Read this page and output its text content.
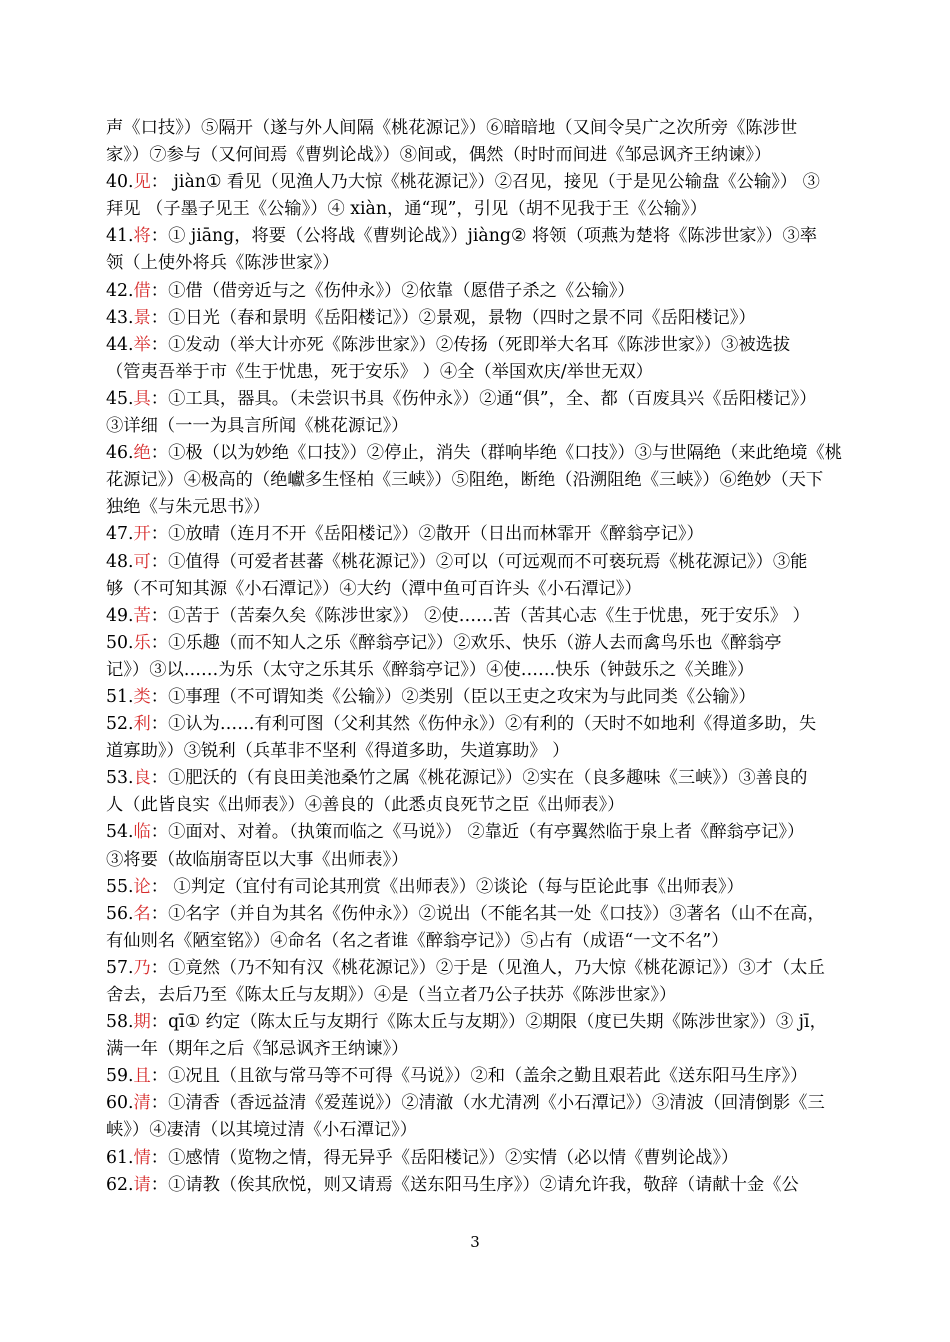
声《口技》）⑤隔开（遂与外人间隔《桃花源记》）⑥暗暗地（又间令吴广之次所旁《陈涉世
家》）⑦参与（又何间焉《曹刿论战》）⑧间或，偶然（时时而间进《邹忌讽齐王纳谏》）
40.见： jiàn① 看见（见渔人乃大惊《桃花源记》）②召见，接见（于是见公输盘《公输》） ③
拜见 （子墨子见王《公输》）④ xiàn，通“现”，引见（胡不见我于王《公输》）
41.将：① jiāng，将要（公将战《曹刿论战》）jiàng② 将领（项燕为楚将《陈涉世家》）③率
领（上使外将兵《陈涉世家》）
42.借：①借（借旁近与之《伤仲永》）②依靠（愿借子杀之《公输》）
43.景：①日光（春和景明《岳阳楼记》）②景观，景物（四时之景不同《岳阳楼记》）
44.举：①发动（举大计亦死《陈涉世家》）②传扬（死即举大名耳《陈涉世家》）③被选拔
（管夷吾举于市《生于忧患，死于安乐》 ）④全（举国欢庆/举世无双）
45.具：①工具，器具。（未尝识书具《伤仲永》）②通“俱”，全、都（百废具兴《岳阳楼记》）
③详细（一一为具言所闻《桃花源记》）
46.绝：①极（以为妙绝《口技》）②停止，消失（群响毕绝《口技》）③与世隔绝（来此绝境《桃
花源记》）④极高的（绝巘多生怪柏《三峡》）⑤阻绝，断绝（沿溯阻绝《三峡》）⑥绝妙（天下
独绝《与朱元思书》）
47.开：①放晴（连月不开《岳阳楼记》）②散开（日出而林霏开《醉翁亭记》）
48.可：①值得（可爱者甚蕃《桃花源记》）②可以（可远观而不可亵玩焉《桃花源记》）③能
够（不可知其源《小石潭记》）④大约（潭中鱼可百许头《小石潭记》）
49.苦：①苦于（苦秦久矣《陈涉世家》） ②使……苦（苦其心志《生于忧患，死于安乐》 ）
50.乐：①乐趣（而不知人之乐《醉翁亭记》）②欢乐、快乐（游人去而禽鸟乐也《醉翁亭
记》）③以……为乐（太守之乐其乐《醉翁亭记》）④使……快乐（钟鼓乐之《关雎》）
51.类：①事理（不可谓知类《公输》）②类别（臣以王吏之攻宋为与此同类《公输》）
52.利：①认为……有利可图（父利其然《伤仲永》）②有利的（天时不如地利《得道多助，失
道寡助》）③锐利（兵革非不坚利《得道多助，失道寡助》 ）
53.良：①肥沃的（有良田美池桑竹之属《桃花源记》）②实在（良多趣味《三峡》）③善良的
人（此皆良实《出师表》）④善良的（此悉贞良死节之臣《出师表》）
54.临：①面对、对着。（执策而临之《马说》） ②靠近（有亭翼然临于泉上者《醉翁亭记》）
③将要（故临崩寄臣以大事《出师表》）
55.论： ①判定（宜付有司论其刑赏《出师表》）②谈论（每与臣论此事《出师表》）
56.名：①名字（并自为其名《伤仲永》）②说出（不能名其一处《口技》）③著名（山不在高，
有仙则名《陋室铭》）④命名（名之者谁《醉翁亭记》）⑤占有（成语“一文不名”）
57.乃：①竟然（乃不知有汉《桃花源记》）②于是（见渔人，乃大惊《桃花源记》）③才（太丘
舍去，去后乃至《陈太丘与友期》）④是（当立者乃公子扶苏《陈涉世家》）
58.期：qī① 约定（陈太丘与友期行《陈太丘与友期》）②期限（度已失期《陈涉世家》）③ jī，
满一年（期年之后《邹忌讽齐王纳谏》）
59.且：①况且（且欲与常马等不可得《马说》）②和（盖余之勤且艰若此《送东阳马生序》）
60.清：①清香（香远益清《爱莲说》）②清澈（水尤清冽《小石潭记》）③清波（回清倒影《三
峡》）④凄清（以其境过清《小石潭记》）
61.情：①感情（览物之情，得无异乎《岳阳楼记》）②实情（必以情《曹刿论战》）
62.请：①请教（俟其欣悦，则又请焉《送东阳马生序》）②请允许我，敬辞（请献十金《公
3
